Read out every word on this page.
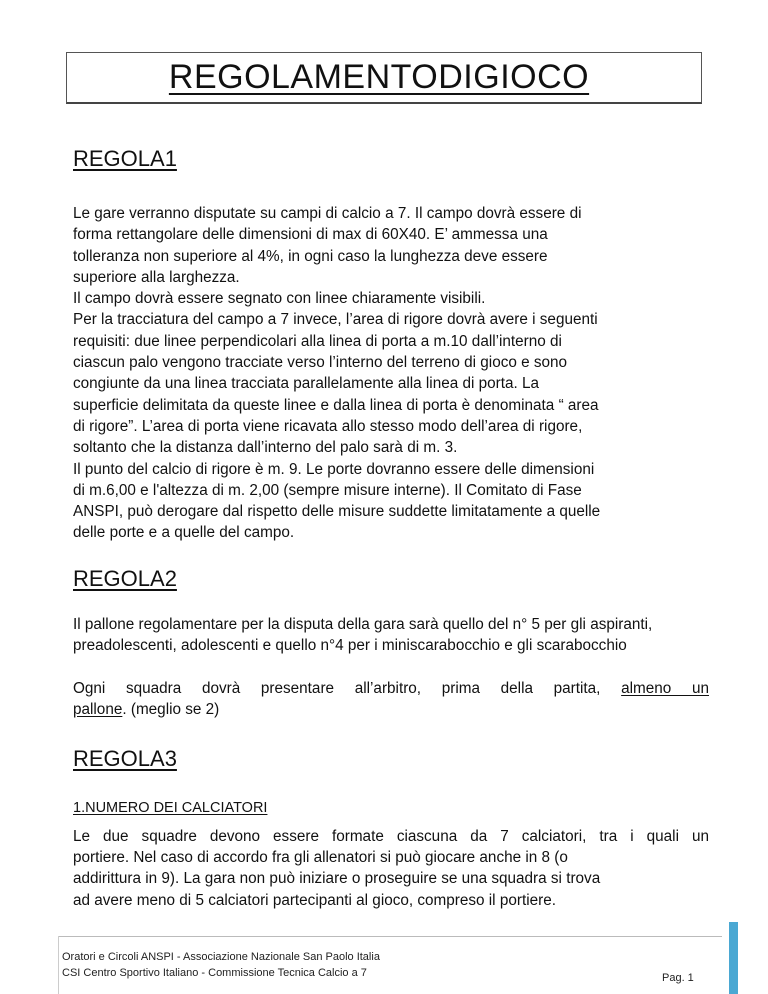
REGOLAMENTODIGIOCO
REGOLA1
Le gare verranno disputate su campi di calcio a 7. Il campo dovrà essere di
forma rettangolare delle dimensioni di max di 60X40. E’ ammessa una
tolleranza non superiore al 4%, in ogni caso la lunghezza deve essere
superiore alla larghezza.
Il campo dovrà essere segnato con linee chiaramente visibili.
Per la tracciatura del campo a 7 invece, l’area di rigore dovrà avere i seguenti
requisiti: due linee perpendicolari alla linea di porta a m.10 dall’interno di
ciascun palo vengono tracciate verso l’interno del terreno di gioco e sono
congiunte da una linea tracciata parallelamente alla linea di porta. La
superficie delimitata da queste linee e dalla linea di porta è denominata “ area
di rigore”. L’area di porta viene ricavata allo stesso modo dell’area di rigore,
soltanto che la distanza dall’interno del palo sarà di m. 3.
Il punto del calcio di rigore è m. 9. Le porte dovranno essere delle dimensioni
di m.6,00 e l'altezza di m. 2,00 (sempre misure interne). Il Comitato di Fase
ANSPI, può derogare dal rispetto delle misure suddette limitatamente a quelle
delle porte e a quelle del campo.
REGOLA2
Il pallone regolamentare per la disputa della gara sarà quello del n° 5 per gli aspiranti,
preadolescenti, adolescenti e quello n°4 per i miniscarabocchio e gli scarabocchio
Ogni squadra dovrà presentare all’arbitro, prima della partita, almeno un
pallone. (meglio se 2)
REGOLA3
1.NUMERO DEI CALCIATORI
Le due squadre devono essere formate ciascuna da 7 calciatori, tra i quali un
portiere. Nel caso di accordo fra gli allenatori si può giocare anche in 8 (o
addirittura in 9). La gara non può iniziare o proseguire se una squadra si trova
ad avere meno di 5 calciatori partecipanti al gioco, compreso il portiere.
Oratori e Circoli ANSPI - Associazione Nazionale San Paolo Italia
CSI Centro Sportivo Italiano - Commissione Tecnica Calcio a 7	Pag. 1
